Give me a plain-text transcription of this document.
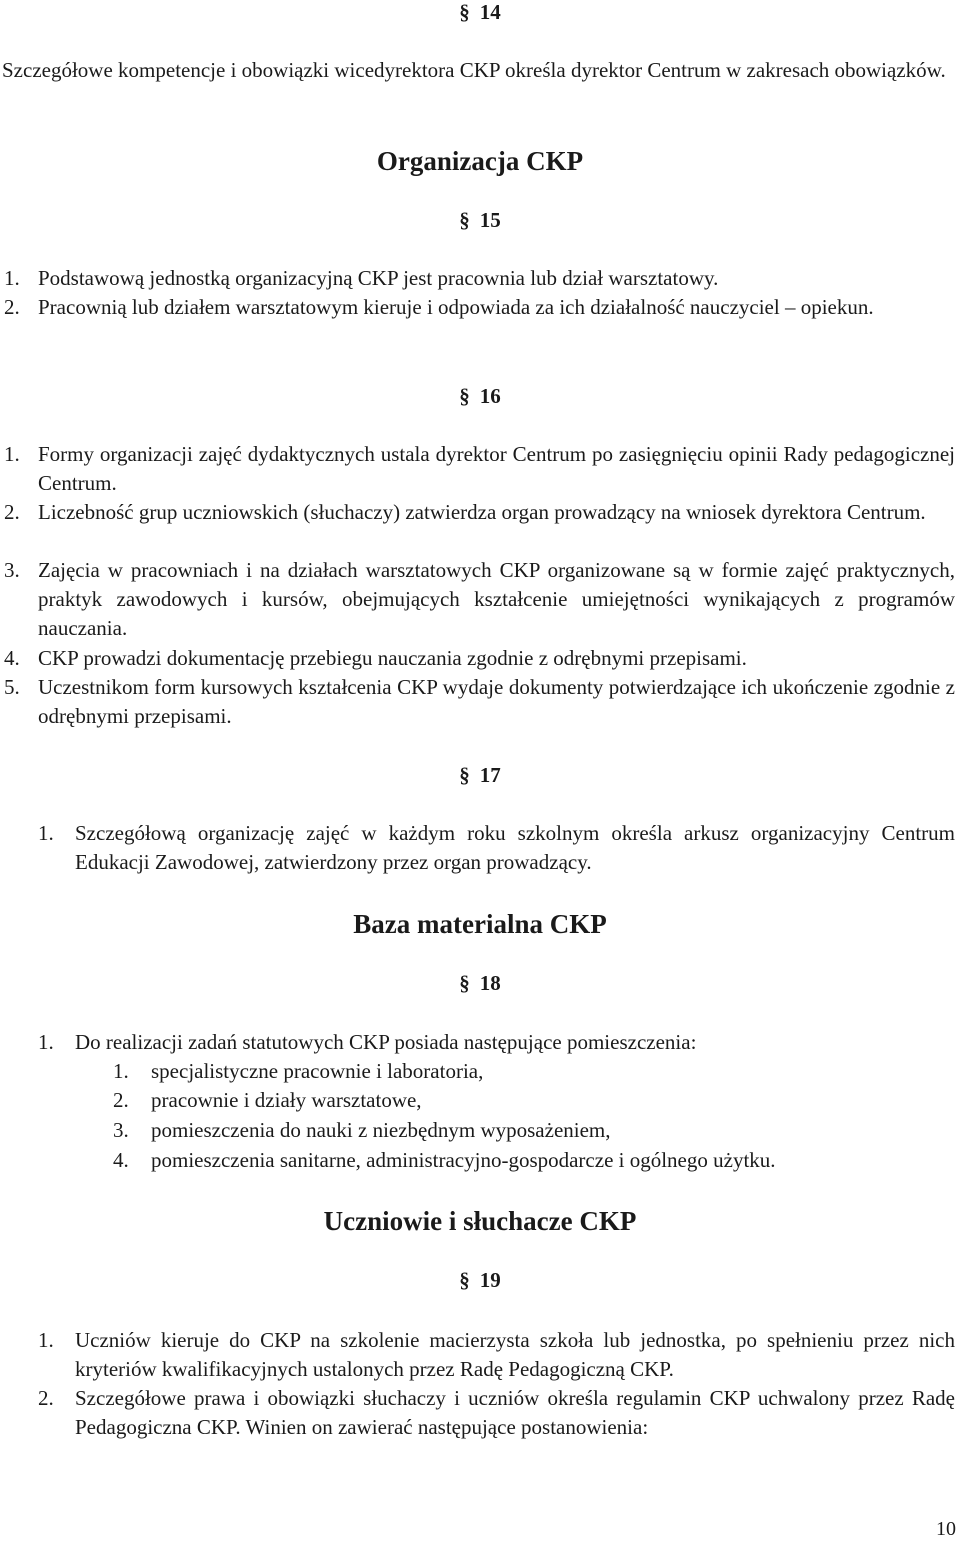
§ 14
Szczegółowe kompetencje i obowiązki wicedyrektora CKP określa dyrektor Centrum w zakresach obowiązków.
Organizacja CKP
§ 15
1. Podstawową jednostką organizacyjną CKP jest pracownia lub dział warsztatowy.
2. Pracownią lub działem warsztatowym kieruje i odpowiada za ich działalność nauczyciel – opiekun.
§ 16
1. Formy organizacji zajęć dydaktycznych ustala dyrektor Centrum po zasięgnięciu opinii Rady pedagogicznej Centrum.
2. Liczebność grup uczniowskich (słuchaczy) zatwierdza organ prowadzący na wniosek dyrektora Centrum.
3. Zajęcia w pracowniach i na działach warsztatowych CKP organizowane są w formie zajęć praktycznych, praktyk zawodowych i kursów, obejmujących kształcenie umiejętności wynikających z programów nauczania.
4. CKP prowadzi dokumentację przebiegu nauczania zgodnie z odrębnymi przepisami.
5. Uczestnikom form kursowych kształcenia CKP wydaje dokumenty potwierdzające ich ukończenie zgodnie z odrębnymi przepisami.
§ 17
1. Szczegółową organizację zajęć w każdym roku szkolnym określa arkusz organizacyjny Centrum Edukacji Zawodowej, zatwierdzony przez organ prowadzący.
Baza materialna CKP
§ 18
1. Do realizacji zadań statutowych CKP posiada następujące pomieszczenia:
1. specjalistyczne pracownie i laboratoria,
2. pracownie i działy warsztatowe,
3. pomieszczenia do nauki z niezbędnym wyposażeniem,
4. pomieszczenia sanitarne, administracyjno-gospodarcze i ogólnego użytku.
Uczniowie i słuchacze CKP
§ 19
1. Uczniów kieruje do CKP na szkolenie macierzysta szkoła lub jednostka, po spełnieniu przez nich kryteriów kwalifikacyjnych ustalonych przez Radę Pedagogiczną CKP.
2. Szczegółowe prawa i obowiązki słuchaczy i uczniów określa regulamin CKP uchwalony przez Radę Pedagogiczna CKP. Winien on zawierać następujące postanowienia:
10
